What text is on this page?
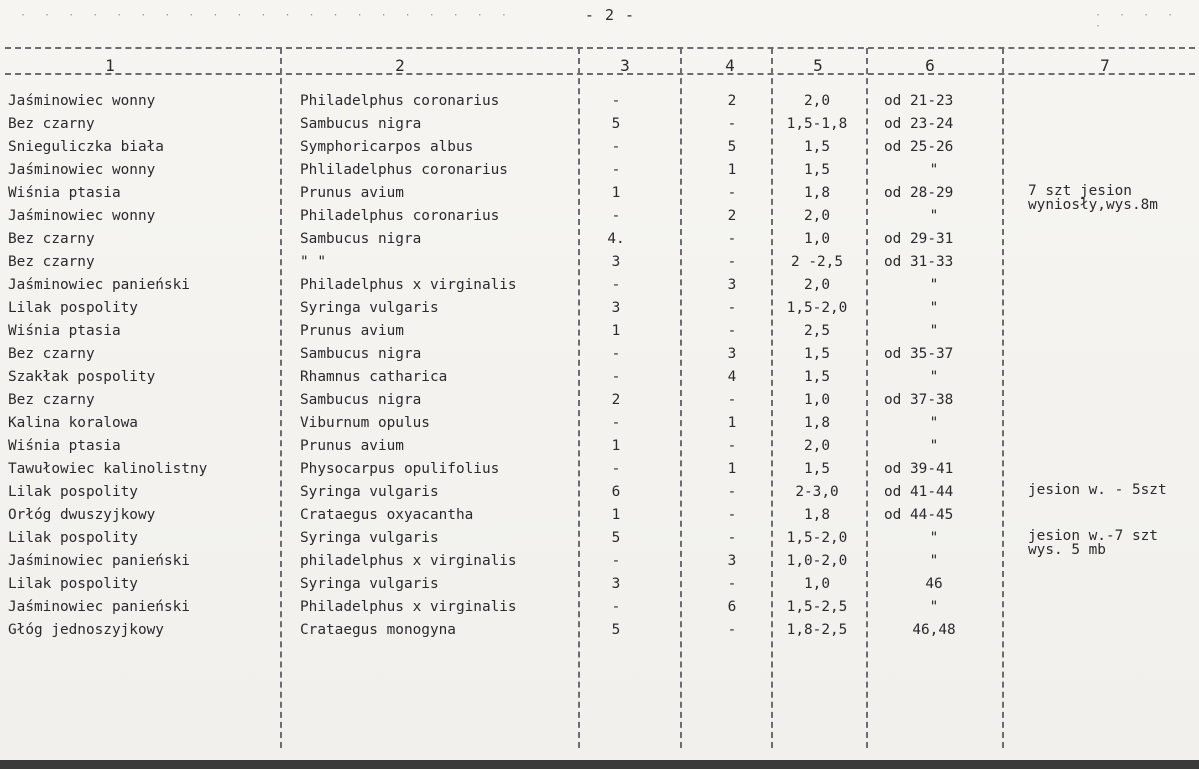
- 2 -
· · · · · · · · · · · · · · · · · · · · ·	· · · · ·
1	2	3	4	5	6	7
Jaśminowiec wonny	Philadelphus coronarius	-	2	2,0	od 21-23
Bez czarny	Sambucus nigra	5	-	1,5-1,8	od 23-24
Snieguliczka biała	Symphoricarpos albus	-	5	1,5	od 25-26
Jaśminowiec wonny	Phliladelphus coronarius	-	1	1,5	"
Wiśnia ptasia	Prunus avium	1	-	1,8	od 28-29	7 szt jesion wyniosły,wys.8m
Jaśminowiec wonny	Philadelphus coronarius	-	2	2,0	"
Bez czarny	Sambucus nigra	4.	-	1,0	od 29-31
Bez czarny	" "	3	-	2 -2,5	od 31-33
Jaśminowiec panieński	Philadelphus x virginalis	-	3	2,0	"
Lilak pospolity	Syringa vulgaris	3	-	1,5-2,0	"
Wiśnia ptasia	Prunus avium	1	-	2,5	"
Bez czarny	Sambucus nigra	-	3	1,5	od 35-37
Szakłak pospolity	Rhamnus catharica	-	4	1,5	"
Bez czarny	Sambucus nigra	2	-	1,0	od 37-38
Kalina koralowa	Viburnum opulus	-	1	1,8	"
Wiśnia ptasia	Prunus avium	1	-	2,0	"
Tawułowiec kalinolistny	Physocarpus opulifolius	-	1	1,5	od 39-41
Lilak pospolity	Syringa vulgaris	6	-	2-3,0	od 41-44	jesion w. - 5szt
Orłóg dwuszyjkowy	Crataegus oxyacantha	1	-	1,8	od 44-45
Lilak pospolity	Syringa vulgaris	5	-	1,5-2,0	"	jesion w.-7 szt wys. 5 mb
Jaśminowiec panieński	philadelphus x virginalis	-	3	1,0-2,0	"
Lilak pospolity	Syringa vulgaris	3	-	1,0	46
Jaśminowiec panieński	Philadelphus x virginalis	-	6	1,5-2,5	"
Głóg jednoszyjkowy	Crataegus monogyna	5	-	1,8-2,5	46,48
